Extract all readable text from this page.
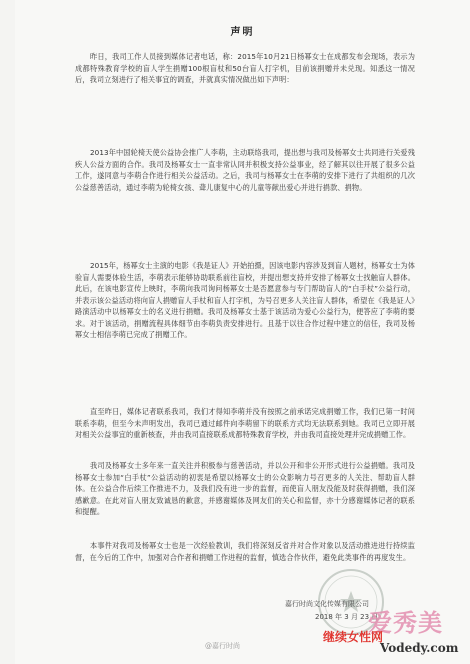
声明

昨日，我司工作人员接到媒体记者电话，称：2015年10月21日杨幂女士在成都发布会现场，表示为成都特殊教育学校的盲人学生捐赠100根盲杖和50台盲人打字机，目前该捐赠并未兑现。知悉这一情况后，我司立刻进行了相关事宜的调查，并就真实情况做出如下声明：

2013年中国轮椅天使公益协会推广人李萌，主动联络我司，提出想与我司及杨幂女士共同进行关爱残疾人公益方面的合作。我司及杨幂女士一直非常认同并积极支持公益事业，经了解其以往开展了很多公益工作，遂同意与李萌合作进行相关公益活动。之后，我司与杨幂女士在李萌的安排下进行了共组织的几次公益慈善活动，通过李萌为轮椅女孩、聋儿康复中心的儿童等献出爱心并进行捐款、捐物。

2015年，杨幂女士主演的电影《我是证人》开始拍摄，因该电影内容涉及到盲人题材，杨幂女士为体验盲人需要体验生活，李萌表示能够协助联系前往盲校，并提出想支持并安排了杨幂女士找触盲人群体。此后，在该电影宣传上映时，李萌向我司询问杨幂女士是否愿意参与专门帮助盲人的“白手杖”公益行动，并表示该公益活动将向盲人捐赠盲人手杖和盲人打字机，为号召更多人关注盲人群体，希望在《我是证人》路演活动中以杨幂女士的名义进行捐赠。我司及杨幂女士基于该活动为爱心公益行为，便答应了李萌的要求。对于该活动，捐赠流程具体细节由李萌负责安排进行。且基于以往合作过程中建立的信任，我司及杨幂女士相信李萌已完成了捐赠工作。

直至昨日，媒体记者联系我司，我们才得知李萌并没有按照之前承诺完成捐赠工作，我们已第一时间联系李萌，但至今未声明发出，我司已通过邮件向李萌留下的联系方式均无法联系到她。我司已立即开展对相关公益事宜的重新核查，并由我司直接联系成都特殊教育学校，并由我司直接处理并完成捐赠工作。

我司及杨幂女士多年来一直关注并积极参与慈善活动，并以公开和非公开形式进行公益捐赠。我司及杨幂女士参加“白手杖”公益活动的初衷是希望以杨幂女士的公众影响力号召更多的人关注、帮助盲人群体。在公益合作后续工作推进不力，及我们没有进一步的监督，而使盲人朋友没能及时获得捐赠，我们深感歉意。在此对盲人朋友致诚恳的歉意，并感谢媒体及网友们的关心和监督，亦十分感谢媒体记者的联系和提醒。

本事件对我司及杨幂女士也是一次经验教训，我们将深刻反省并对合作对象以及活动推进进行持续监督，在今后的工作中，加强对合作者和捐赠工作进程的监督，慎选合作伙伴，避免此类事件的再度发生。

嘉行时尚文化传媒有限公司
2018 年 3 月 23 日
@嘉行时尚
爱秀美
继续女性网
Vodedy.com
